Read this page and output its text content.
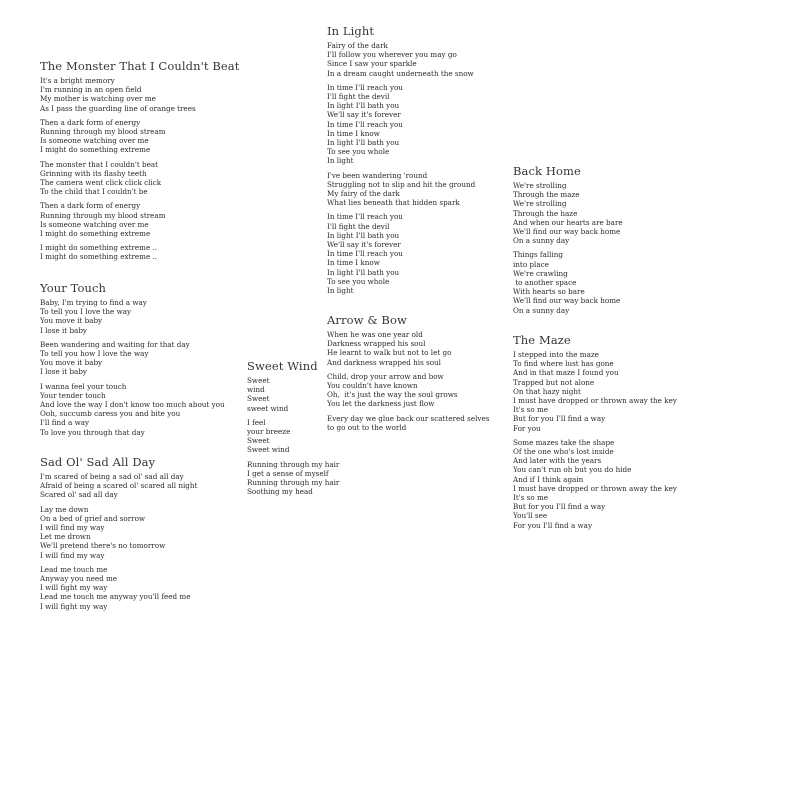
The Monster That I Couldn't Beat
It's a bright memory
I'm running in an open field
My mother is watching over me
As I pass the guarding line of orange trees
Then a dark form of energy
Running through my blood stream
Is someone watching over me
I might do something extreme
The monster that I couldn't beat
Grinning with its flashy teeth
The camera went click click click
To the child that I couldn't be
Then a dark form of energy
Running through my blood stream
Is someone watching over me
I might do something extreme
I might do something extreme ..
I might do something extreme ..
Your Touch
Baby, I'm trying to find a way
To tell you I love the way
You move it baby
I lose it baby
Been wandering and waiting for that day
To tell you how I love the way
You move it baby
I lose it baby
I wanna feel your touch
Your tender touch
And love the way I don't know too much about you
Ooh, succumb caress you and bite you
I'll find a way
To love you through that day
Sad Ol' Sad All Day
I'm scared of being a sad ol' sad all day
Afraid of being a scared ol' scared all night
Scared ol' sad all day
Lay me down
On a bed of grief and sorrow
I will find my way
Let me drown
We'll pretend there's no tomorrow
I will find my way
Lead me touch me
Anyway you need me
I will fight my way
Lead me touch me anyway you'll feed me
I will fight my way
Sweet Wind
Sweet
wind
Sweet
sweet wind
I feel
your breeze
Sweet
Sweet wind
Running through my hair
I get a sense of myself
Running through my hair
Soothing my head
In Light
Fairy of the dark
I'll follow you wherever you may go
Since I saw your sparkle
In a dream caught underneath the snow
In time I'll reach you
I'll fight the devil
In light I'll bath you
We'll say it's forever
In time I'll reach you
In time I know
In light I'll bath you
To see you whole
In light
I've been wandering 'round
Struggling not to slip and hit the ground
My fairy of the dark
What lies beneath that hidden spark
In time I'll reach you
I'll fight the devil
In light I'll bath you
We'll say it's forever
In time I'll reach you
In time I know
In light I'll bath you
To see you whole
In light
Arrow & Bow
When he was one year old
Darkness wrapped his soul
He learnt to walk but not to let go
And darkness wrapped his soul
Child, drop your arrow and bow
You couldn't have known
Oh,  it's just the way the soul grows
You let the darkness just flow
Every day we glue back our scattered selves
to go out to the world
Back Home
We're strolling
Through the maze
We're strolling
Through the haze
And when our hearts are bare
We'll find our way back home
On a sunny day
Things falling
into place
We're crawling
to another space
With hearts so bare
We'll find our way back home
On a sunny day
The Maze
I stepped into the maze
To find where lust has gone
And in that maze I found you
Trapped but not alone
On that hazy night
I must have dropped or thrown away the key
It's so me
But for you I'll find a way
For you
Some mazes take the shape
Of the one who's lost inside
And later with the years
You can't run oh but you do hide
And if I think again
I must have dropped or thrown away the key
It's so me
But for you I'll find a way
You'll see
For you I'll find a way
